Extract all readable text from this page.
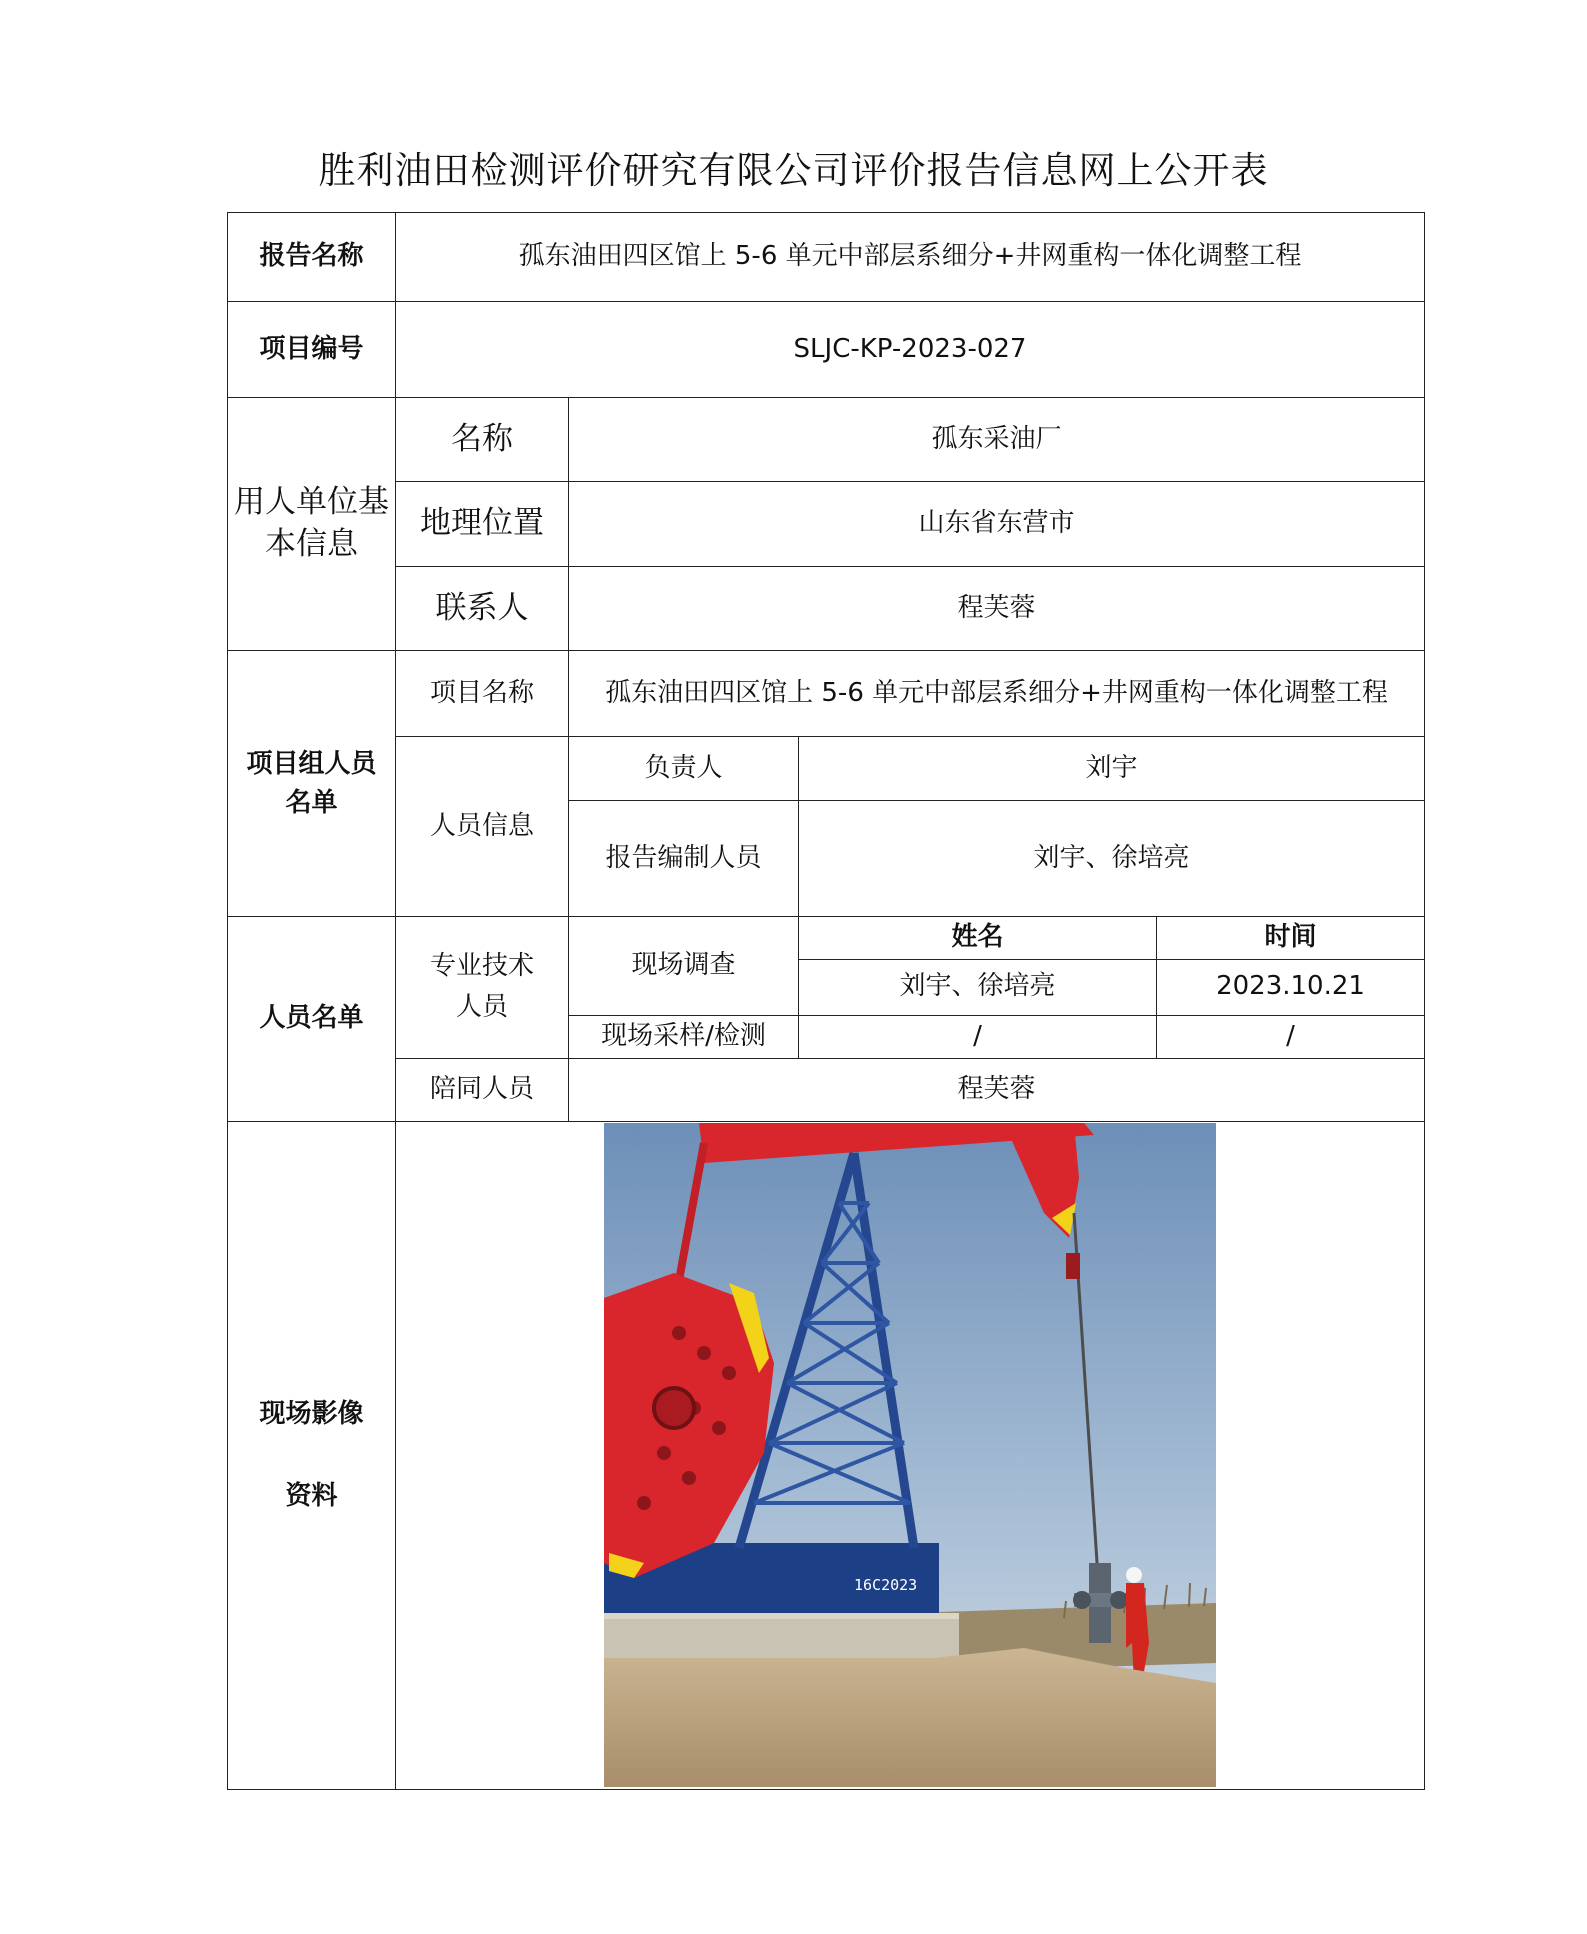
胜利油田检测评价研究有限公司评价报告信息网上公开表
报告名称	孤东油田四区馆上 5-6 单元中部层系细分+井网重构一体化调整工程			
项目编号	SLJC-KP-2023-027			
用人单位基本信息	名称	孤东采油厂		
	地理位置	山东省东营市		
	联系人	程芙蓉		
项目组人员名单	项目名称	孤东油田四区馆上 5-6 单元中部层系细分+井网重构一体化调整工程		
	人员信息	负责人	刘宇	
		报告编制人员	刘宇、徐培亮	
人员名单	专业技术人员	现场调查	姓名	时间
			刘宇、徐培亮	2023.10.21
		现场采样/检测	/	/
	陪同人员	程芙蓉		

现场影像
资料	16C2023			
